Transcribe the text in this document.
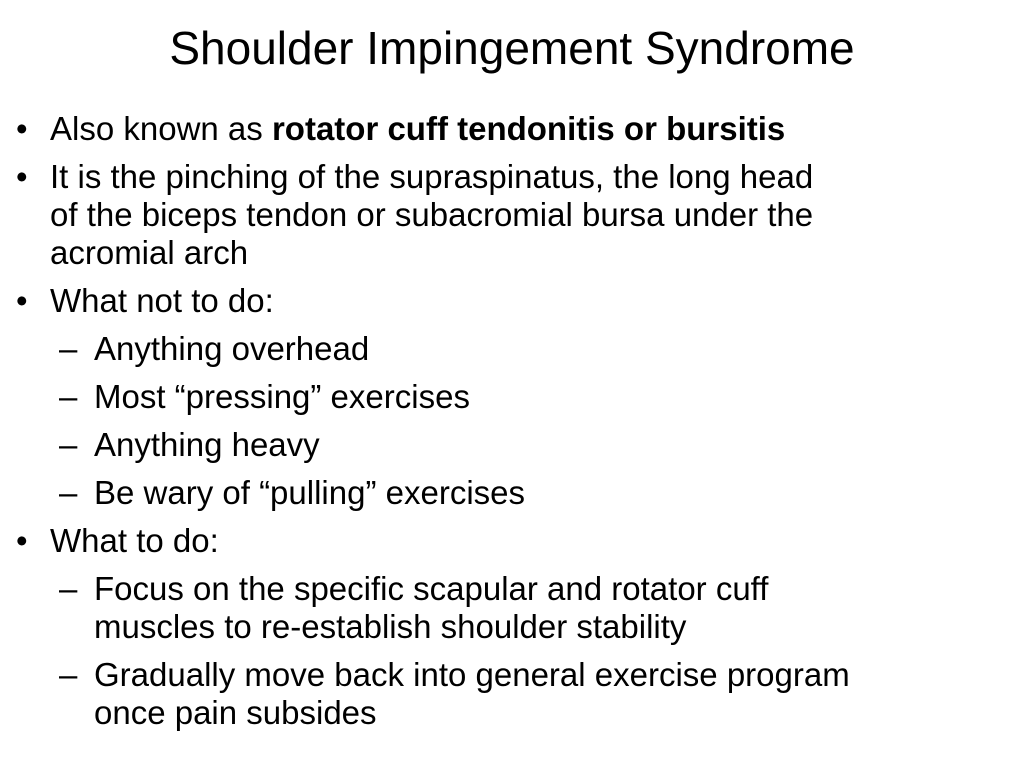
Shoulder Impingement Syndrome

• Also known as rotator cuff tendonitis or bursitis

• It is the pinching of the supraspinatus, the long head
of the biceps tendon or subacromial bursa under the
acromial arch

• What not to do:

– Anything overhead

– Most “pressing” exercises

– Anything heavy

– Be wary of “pulling” exercises

• What to do:

– Focus on the specific scapular and rotator cuff
muscles to re-establish shoulder stability

– Gradually move back into general exercise program
once pain subsides
